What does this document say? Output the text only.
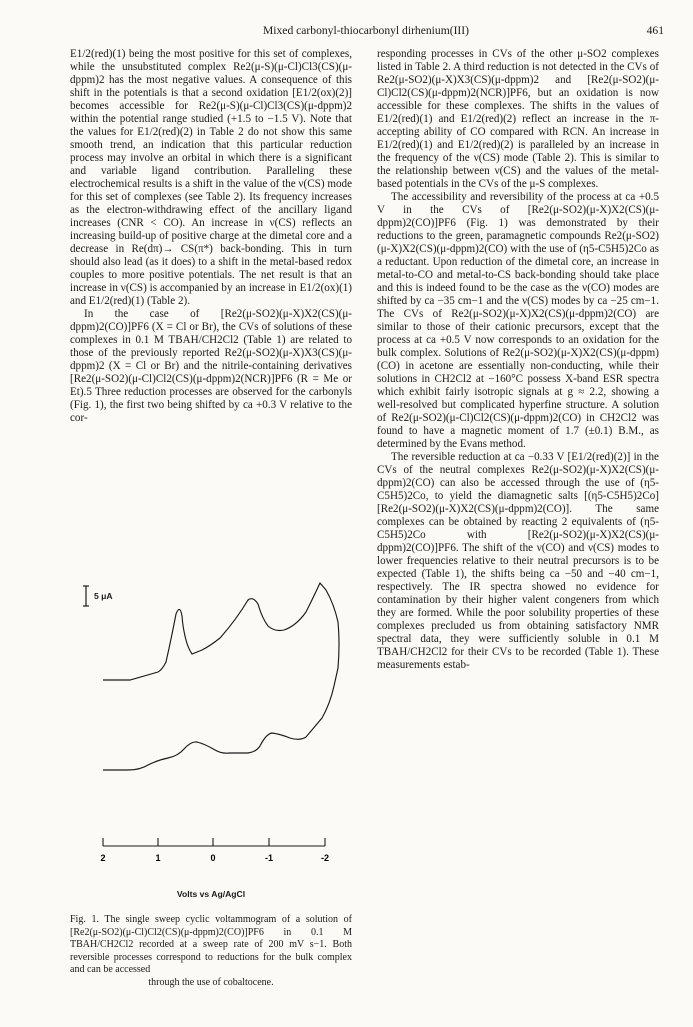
Mixed carbonyl-thiocarbonyl dirhenium(III)	461

E1/2(red)(1) being the most positive for this set of complexes, while the unsubstituted complex Re2(μ-S)(μ-Cl)Cl3(CS)(μ-dppm)2 has the most negative values. A consequence of this shift in the potentials is that a second oxidation [E1/2(ox)(2)] becomes accessible for Re2(μ-S)(μ-Cl)Cl3(CS)(μ-dppm)2 within the potential range studied (+1.5 to −1.5 V). Note that the values for E1/2(red)(2) in Table 2 do not show this same smooth trend, an indication that this particular reduction process may involve an orbital in which there is a significant and variable ligand contribution. Paralleling these electrochemical results is a shift in the value of the ν(CS) mode for this set of complexes (see Table 2). Its frequency increases as the electron-withdrawing effect of the ancillary ligand increases (CNR < CO). An increase in ν(CS) reflects an increasing build-up of positive charge at the dimetal core and a decrease in Re(dπ)→ CS(π*) back-bonding. This in turn should also lead (as it does) to a shift in the metal-based redox couples to more positive potentials. The net result is that an increase in ν(CS) is accompanied by an increase in E1/2(ox)(1) and E1/2(red)(1) (Table 2).

In the case of [Re2(μ-SO2)(μ-X)X2(CS)(μ-dppm)2(CO)]PF6 (X = Cl or Br), the CVs of solutions of these complexes in 0.1 M TBAH/CH2Cl2 (Table 1) are related to those of the previously reported Re2(μ-SO2)(μ-X)X3(CS)(μ-dppm)2 (X = Cl or Br) and the nitrile-containing derivatives [Re2(μ-SO2)(μ-Cl)Cl2(CS)(μ-dppm)2(NCR)]PF6 (R = Me or Et).5 Three reduction processes are observed for the carbonyls (Fig. 1), the first two being shifted by ca +0.3 V relative to the cor-

2	1	0	-1	-2
5 μA
Volts vs Ag/AgCl
Fig. 1. The single sweep cyclic voltammogram of a solution of [Re2(μ-SO2)(μ-Cl)Cl2(CS)(μ-dppm)2(CO)]PF6 in 0.1 M TBAH/CH2Cl2 recorded at a sweep rate of 200 mV s−1. Both reversible processes correspond to reductions for the bulk complex and can be accessed
through the use of cobaltocene.

responding processes in CVs of the other μ-SO2 complexes listed in Table 2. A third reduction is not detected in the CVs of Re2(μ-SO2)(μ-X)X3(CS)(μ-dppm)2 and [Re2(μ-SO2)(μ-Cl)Cl2(CS)(μ-dppm)2(NCR)]PF6, but an oxidation is now accessible for these complexes. The shifts in the values of E1/2(red)(1) and E1/2(red)(2) reflect an increase in the π-accepting ability of CO compared with RCN. An increase in E1/2(red)(1) and E1/2(red)(2) is paralleled by an increase in the frequency of the ν(CS) mode (Table 2). This is similar to the relationship between ν(CS) and the values of the metal-based potentials in the CVs of the μ-S complexes.

The accessibility and reversibility of the process at ca +0.5 V in the CVs of [Re2(μ-SO2)(μ-X)X2(CS)(μ-dppm)2(CO)]PF6 (Fig. 1) was demonstrated by their reductions to the green, paramagnetic compounds Re2(μ-SO2)(μ-X)X2(CS)(μ-dppm)2(CO) with the use of (η5-C5H5)2Co as a reductant. Upon reduction of the dimetal core, an increase in metal-to-CO and metal-to-CS back-bonding should take place and this is indeed found to be the case as the ν(CO) modes are shifted by ca −35 cm−1 and the ν(CS) modes by ca −25 cm−1. The CVs of Re2(μ-SO2)(μ-X)X2(CS)(μ-dppm)2(CO) are similar to those of their cationic precursors, except that the process at ca +0.5 V now corresponds to an oxidation for the bulk complex. Solutions of Re2(μ-SO2)(μ-X)X2(CS)(μ-dppm)(CO) in acetone are essentially non-conducting, while their solutions in CH2Cl2 at −160°C possess X-band ESR spectra which exhibit fairly isotropic signals at g ≈ 2.2, showing a well-resolved but complicated hyperfine structure. A solution of Re2(μ-SO2)(μ-Cl)Cl2(CS)(μ-dppm)2(CO) in CH2Cl2 was found to have a magnetic moment of 1.7 (±0.1) B.M., as determined by the Evans method.

The reversible reduction at ca −0.33 V [E1/2(red)(2)] in the CVs of the neutral complexes Re2(μ-SO2)(μ-X)X2(CS)(μ-dppm)2(CO) can also be accessed through the use of (η5-C5H5)2Co, to yield the diamagnetic salts [(η5-C5H5)2Co][Re2(μ-SO2)(μ-X)X2(CS)(μ-dppm)2(CO)]. The same complexes can be obtained by reacting 2 equivalents of (η5-C5H5)2Co with [Re2(μ-SO2)(μ-X)X2(CS)(μ-dppm)2(CO)]PF6. The shift of the ν(CO) and ν(CS) modes to lower frequencies relative to their neutral precursors is to be expected (Table 1), the shifts being ca −50 and −40 cm−1, respectively. The IR spectra showed no evidence for contamination by their higher valent congeners from which they are formed. While the poor solubility properties of these complexes precluded us from obtaining satisfactory NMR spectral data, they were sufficiently soluble in 0.1 M TBAH/CH2Cl2 for their CVs to be recorded (Table 1). These measurements estab-
